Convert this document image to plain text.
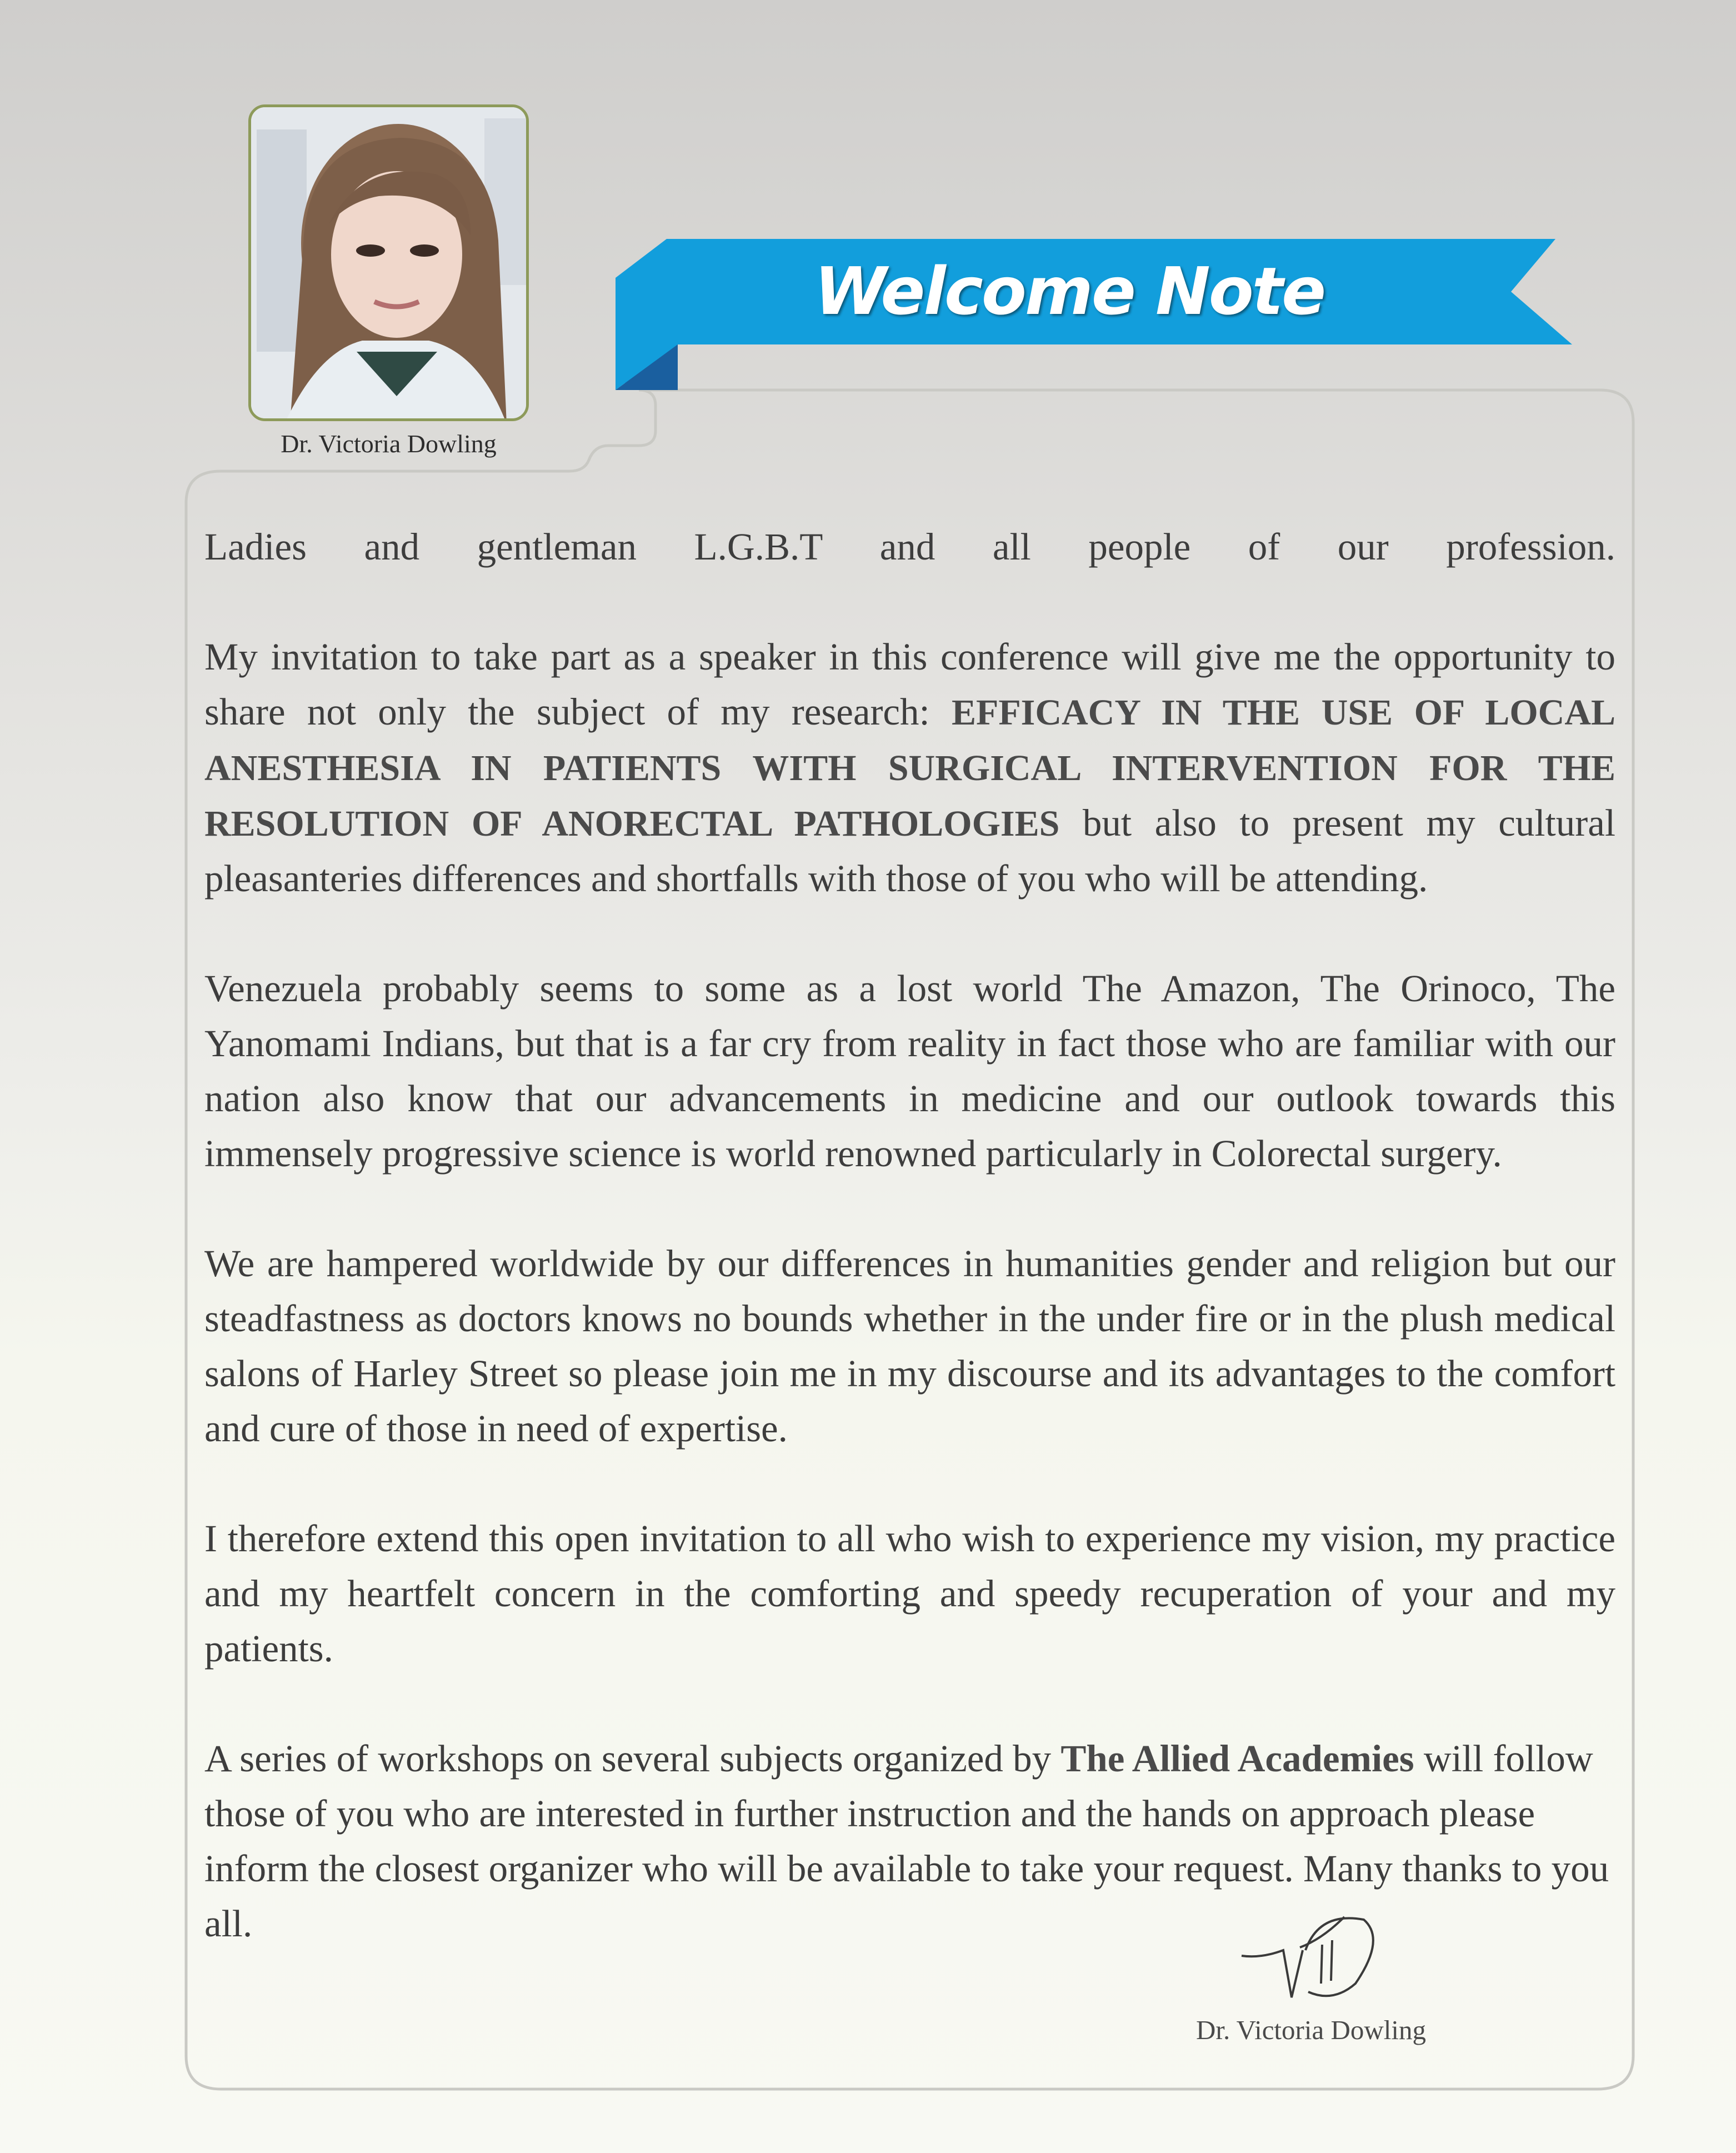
Dr. Victoria Dowling
Welcome Note

Ladies and gentleman L.G.B.T and all people of our profession.

My invitation to take part as a speaker in this conference will give me the opportunity to share not only the subject of my research: EFFICACY IN THE USE OF LOCAL ANESTHESIA IN PATIENTS WITH SURGICAL INTERVENTION FOR THE RESOLUTION OF ANORECTAL PATHOLOGIES but also to present my cultural pleasanteries differences and shortfalls with those of you who will be attending.

Venezuela probably seems to some as a lost world The Amazon, The Orinoco, The Yanomami Indians, but that is a far cry from reality in fact those who are familiar with our nation also know that our advancements in medicine and our outlook towards this immensely progressive science is world renowned particularly in Colorectal surgery.

We are hampered worldwide by our differences in humanities gender and religion but our steadfastness as doctors knows no bounds whether in the under fire or in the plush medical salons of Harley Street so please join me in my discourse and its advantages to the comfort and cure of those in need of expertise.

I therefore extend this open invitation to all who wish to experience my vision, my practice and my heartfelt concern in the comforting and speedy recuperation of your and my patients.

A series of workshops on several subjects organized by The Allied Academies will follow those of you who are interested in further instruction and the hands on approach please inform the closest organizer who will be available to take your request. Many thanks to you all.

Dr. Victoria Dowling
